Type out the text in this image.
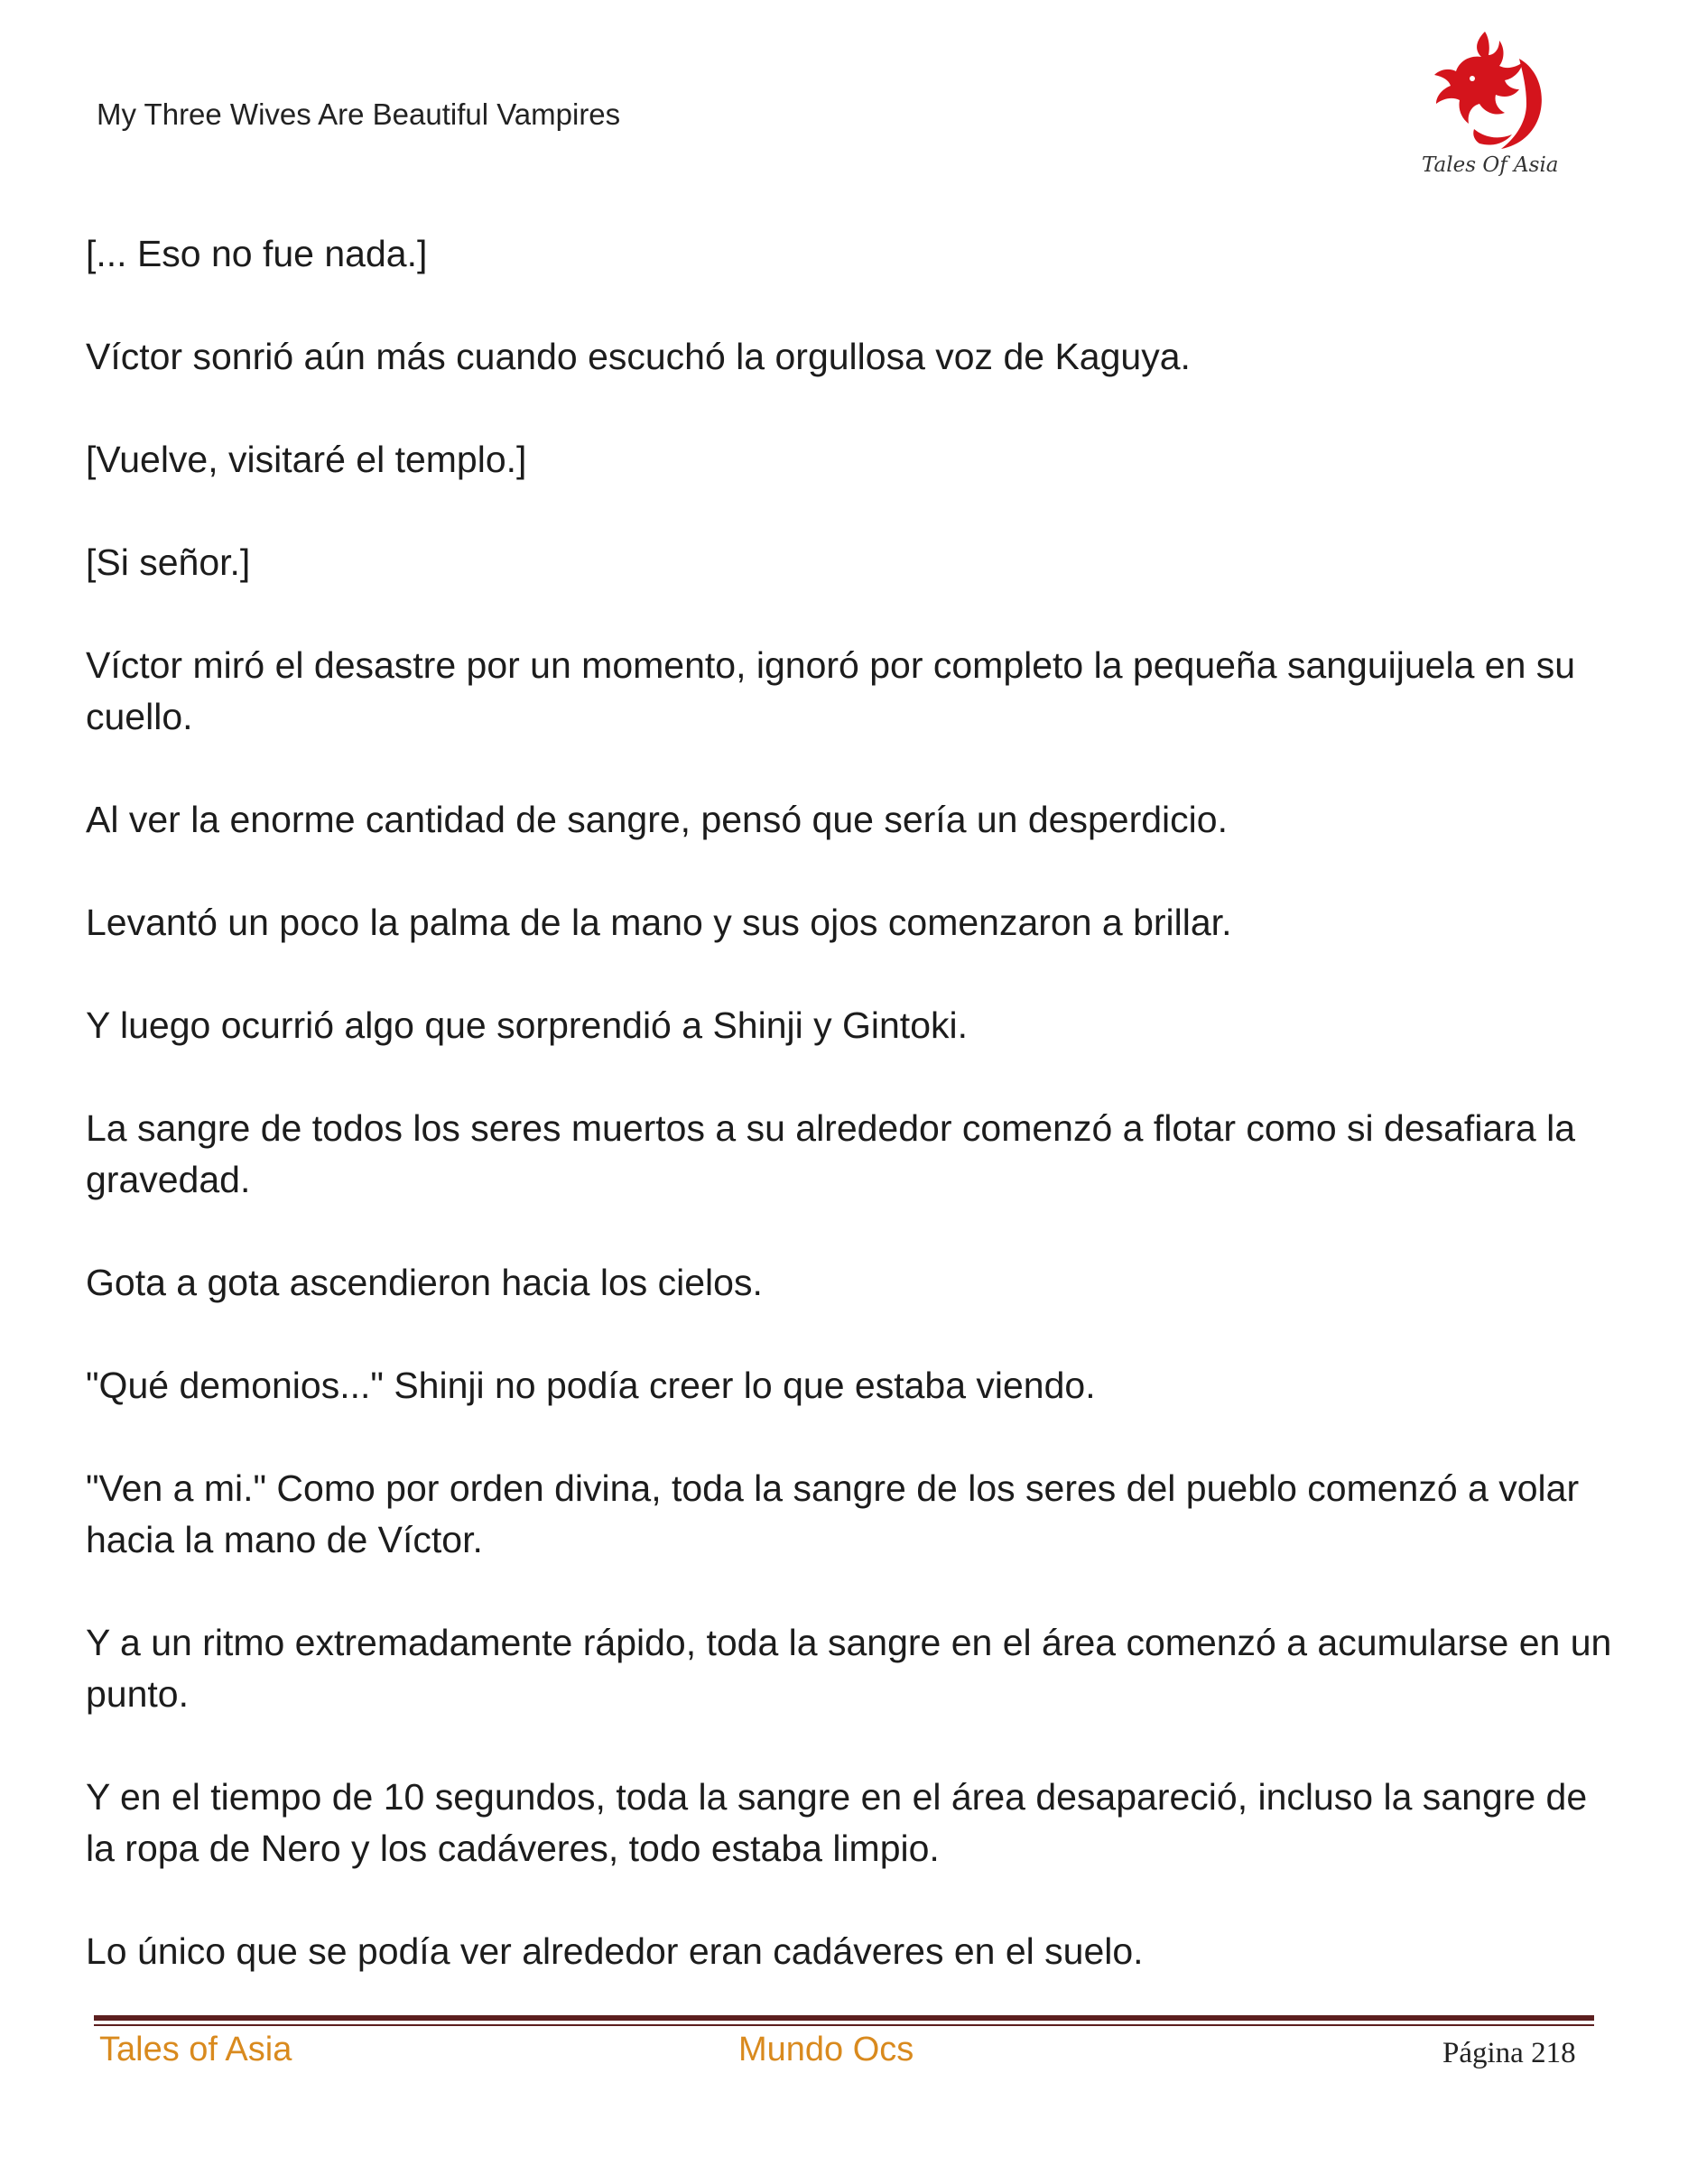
My Three Wives Are Beautiful Vampires
Tales Of Asia

[... Eso no fue nada.]

Víctor sonrió aún más cuando escuchó la orgullosa voz de Kaguya.

[Vuelve, visitaré el templo.]

[Si señor.]

Víctor miró el desastre por un momento, ignoró por completo la pequeña sanguijuela en su cuello.

Al ver la enorme cantidad de sangre, pensó que sería un desperdicio.

Levantó un poco la palma de la mano y sus ojos comenzaron a brillar.

Y luego ocurrió algo que sorprendió a Shinji y Gintoki.

La sangre de todos los seres muertos a su alrededor comenzó a flotar como si desafiara la gravedad.

Gota a gota ascendieron hacia los cielos.

"Qué demonios..." Shinji no podía creer lo que estaba viendo.

"Ven a mi." Como por orden divina, toda la sangre de los seres del pueblo comenzó a volar hacia la mano de Víctor.

Y a un ritmo extremadamente rápido, toda la sangre en el área comenzó a acumularse en un punto.

Y en el tiempo de 10 segundos, toda la sangre en el área desapareció, incluso la sangre de la ropa de Nero y los cadáveres, todo estaba limpio.

Lo único que se podía ver alrededor eran cadáveres en el suelo.

Tales of Asia	Mundo Ocs	Página 218
